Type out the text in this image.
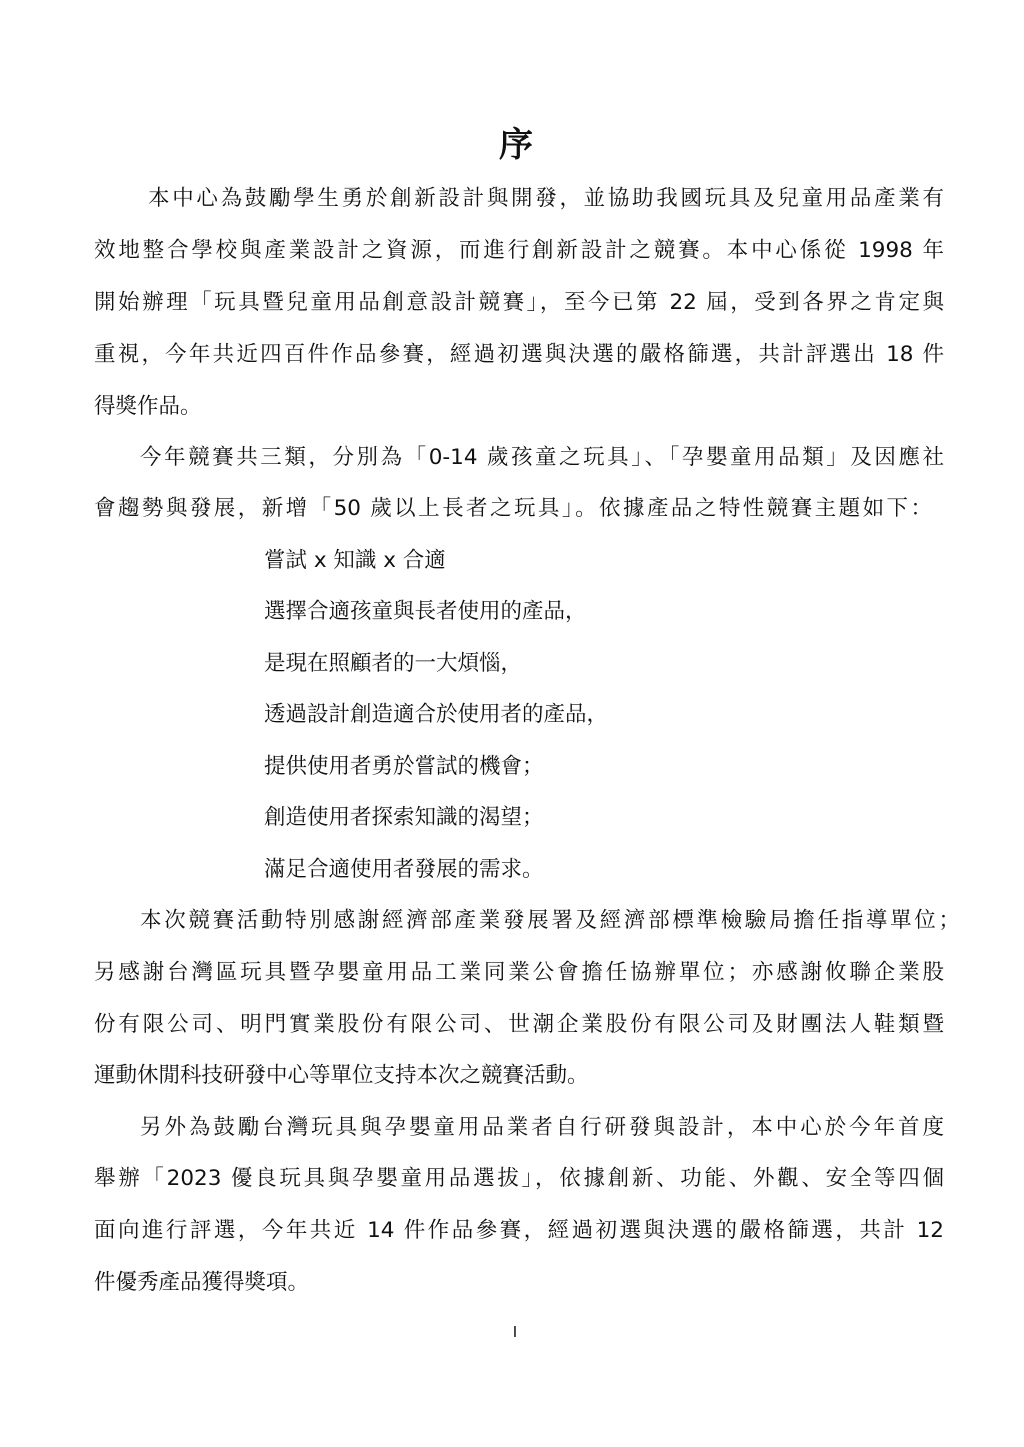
序
本中心為鼓勵學生勇於創新設計與開發，並協助我國玩具及兒童用品產業有
效地整合學校與產業設計之資源，而進行創新設計之競賽。本中心係從 1998 年
開始辦理「玩具暨兒童用品創意設計競賽」，至今已第 22 屆，受到各界之肯定與
重視，今年共近四百件作品參賽，經過初選與決選的嚴格篩選，共計評選出 18 件
得獎作品。
今年競賽共三類，分別為「0-14 歲孩童之玩具」、「孕嬰童用品類」及因應社
會趨勢與發展，新增「50 歲以上長者之玩具」。依據產品之特性競賽主題如下：
嘗試 x 知識 x 合適
選擇合適孩童與長者使用的產品，
是現在照顧者的一大煩惱，
透過設計創造適合於使用者的產品，
提供使用者勇於嘗試的機會；
創造使用者探索知識的渴望；
滿足合適使用者發展的需求。
本次競賽活動特別感謝經濟部產業發展署及經濟部標準檢驗局擔任指導單位；
另感謝台灣區玩具暨孕嬰童用品工業同業公會擔任協辦單位；亦感謝攸聯企業股
份有限公司、明門實業股份有限公司、世潮企業股份有限公司及財團法人鞋類暨
運動休閒科技研發中心等單位支持本次之競賽活動。
另外為鼓勵台灣玩具與孕嬰童用品業者自行研發與設計，本中心於今年首度
舉辦「2023 優良玩具與孕嬰童用品選拔」，依據創新、功能、外觀、安全等四個
面向進行評選，今年共近 14 件作品參賽，經過初選與決選的嚴格篩選，共計 12
件優秀產品獲得獎項。
I
